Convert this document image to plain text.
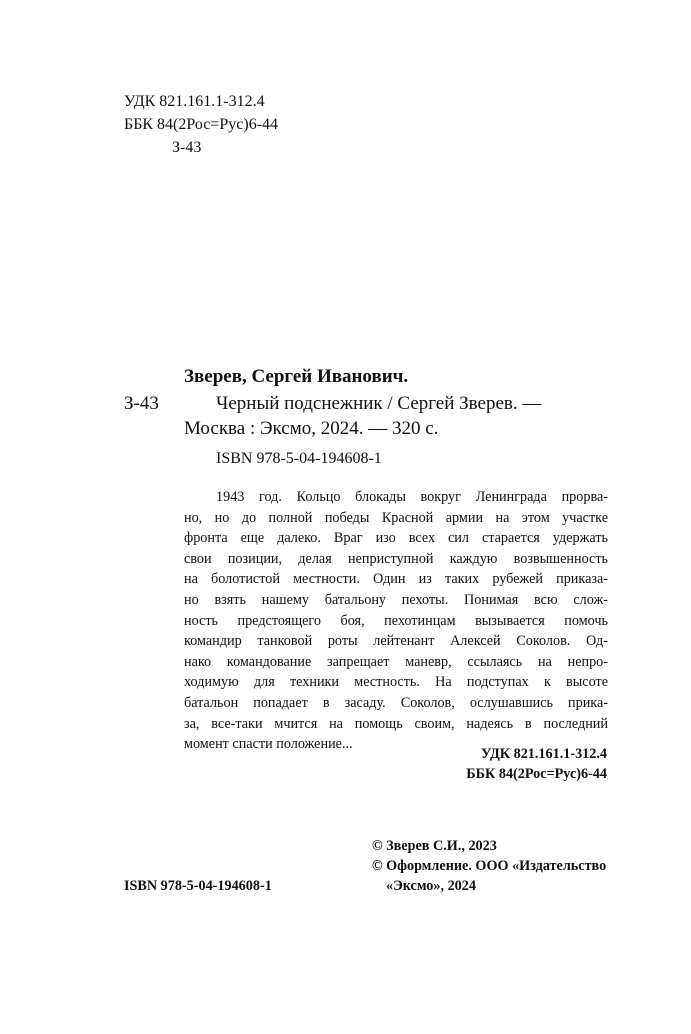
УДК 821.161.1-312.4
ББК 84(2Рос=Рус)6-44
З-43
Зверев, Сергей Иванович.
З-43	Черный подснежник / Сергей Зверев. —
Москва : Эксмо, 2024. — 320 с.
ISBN 978-5-04-194608-1
1943 год. Кольцо блокады вокруг Ленинграда прорва-
но, но до полной победы Красной армии на этом участке
фронта еще далеко. Враг изо всех сил старается удержать
свои позиции, делая неприступной каждую возвышенность
на болотистой местности. Один из таких рубежей приказа-
но взять нашему батальону пехоты. Понимая всю слож-
ность предстоящего боя, пехотинцам вызывается помочь
командир танковой роты лейтенант Алексей Соколов. Од-
нако командование запрещает маневр, ссылаясь на непро-
ходимую для техники местность. На подступах к высоте
батальон попадает в засаду. Соколов, ослушавшись прика-
за, все-таки мчится на помощь своим, надеясь в последний
момент спасти положение...
УДК 821.161.1-312.4
ББК 84(2Рос=Рус)6-44
ISBN 978-5-04-194608-1
© Зверев С.И., 2023
© Оформление. ООО «Издательство
«Эксмо», 2024
